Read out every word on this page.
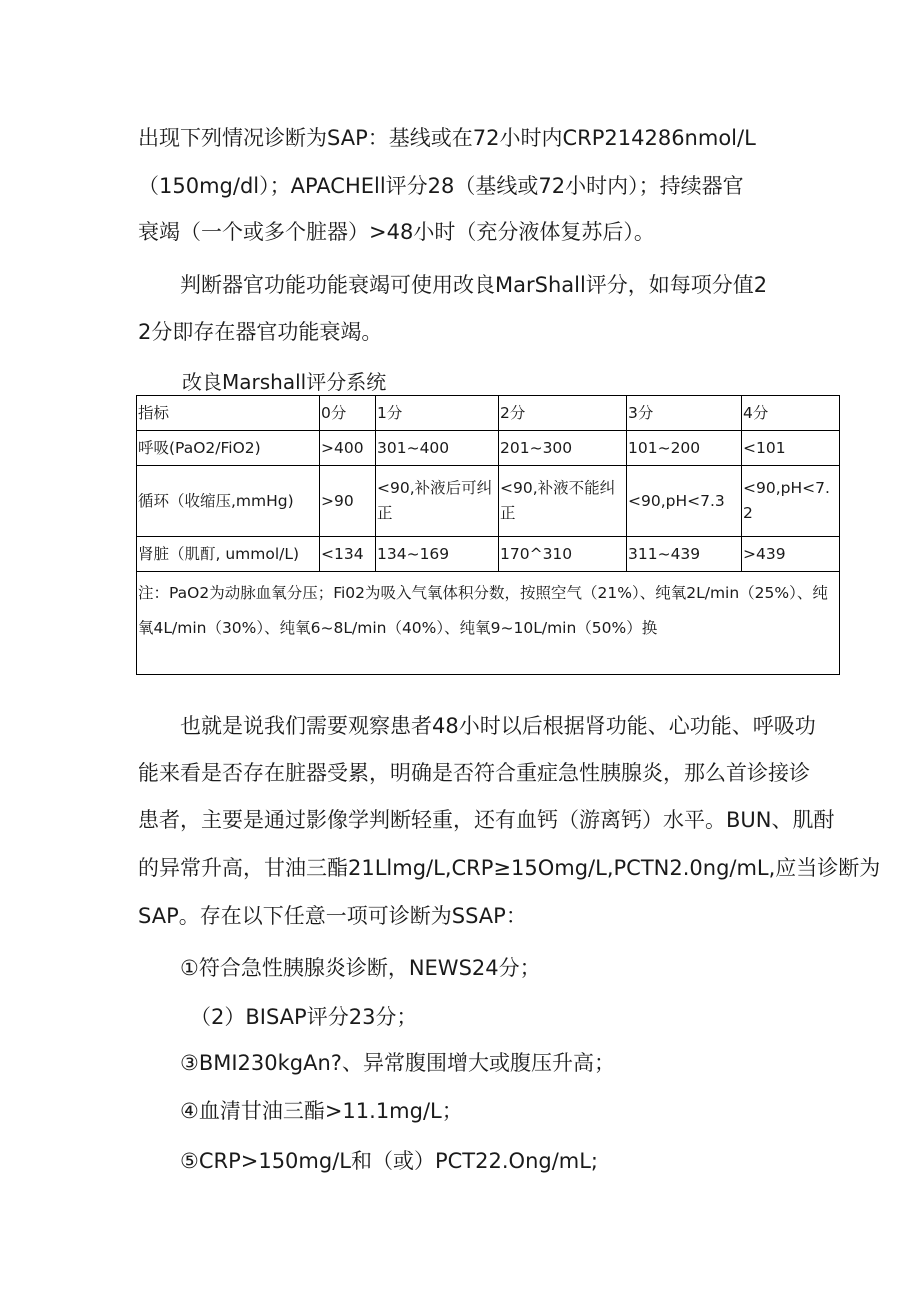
出现下列情况诊断为SAP：基线或在72小时内CRP214286nmol/L
（150mg/dl）；APACHEll评分28（基线或72小时内）；持续器官
衰竭（一个或多个脏器）>48小时（充分液体复苏后）。
判断器官功能功能衰竭可使用改良MarShall评分，如每项分值2
2分即存在器官功能衰竭。
改良Marshall评分系统
指标	0分	1分	2分	3分	4分
呼吸(PaO2/FiO2)	>400	301~400	201~300	101~200	<101
循环（收缩压,mmHg)	>90	<90,补液后可纠正	<90,补液不能纠正	<90,pH<7.3	<90,pH<7.2
肾脏（肌酊, ummol/L)	<134	134~169	170^310	311~439	>439
注：PaO2为动脉血氧分压；Fi02为吸入气氧体积分数，按照空气（21%）、纯氧2L/min（25%）、纯氧4L/min（30%）、纯氧6~8L/min（40%）、纯氧9~10L/min（50%）换					
也就是说我们需要观察患者48小时以后根据肾功能、心功能、呼吸功
能来看是否存在脏器受累，明确是否符合重症急性胰腺炎，那么首诊接诊
患者，主要是通过影像学判断轻重，还有血钙（游离钙）水平。BUN、肌酎
的异常升高，甘油三酯21Llmg/L,CRP≥15Omg/L,PCTN2.0ng/mL,应当诊断为
SAP。存在以下任意一项可诊断为SSAP：
①符合急性胰腺炎诊断，NEWS24分；
（2）BISAP评分23分；
③BMI230kgAn?、异常腹围增大或腹压升高；
④血清甘油三酯>11.1mg/L；
⑤CRP>150mg/L和（或）PCT22.Ong/mL;
